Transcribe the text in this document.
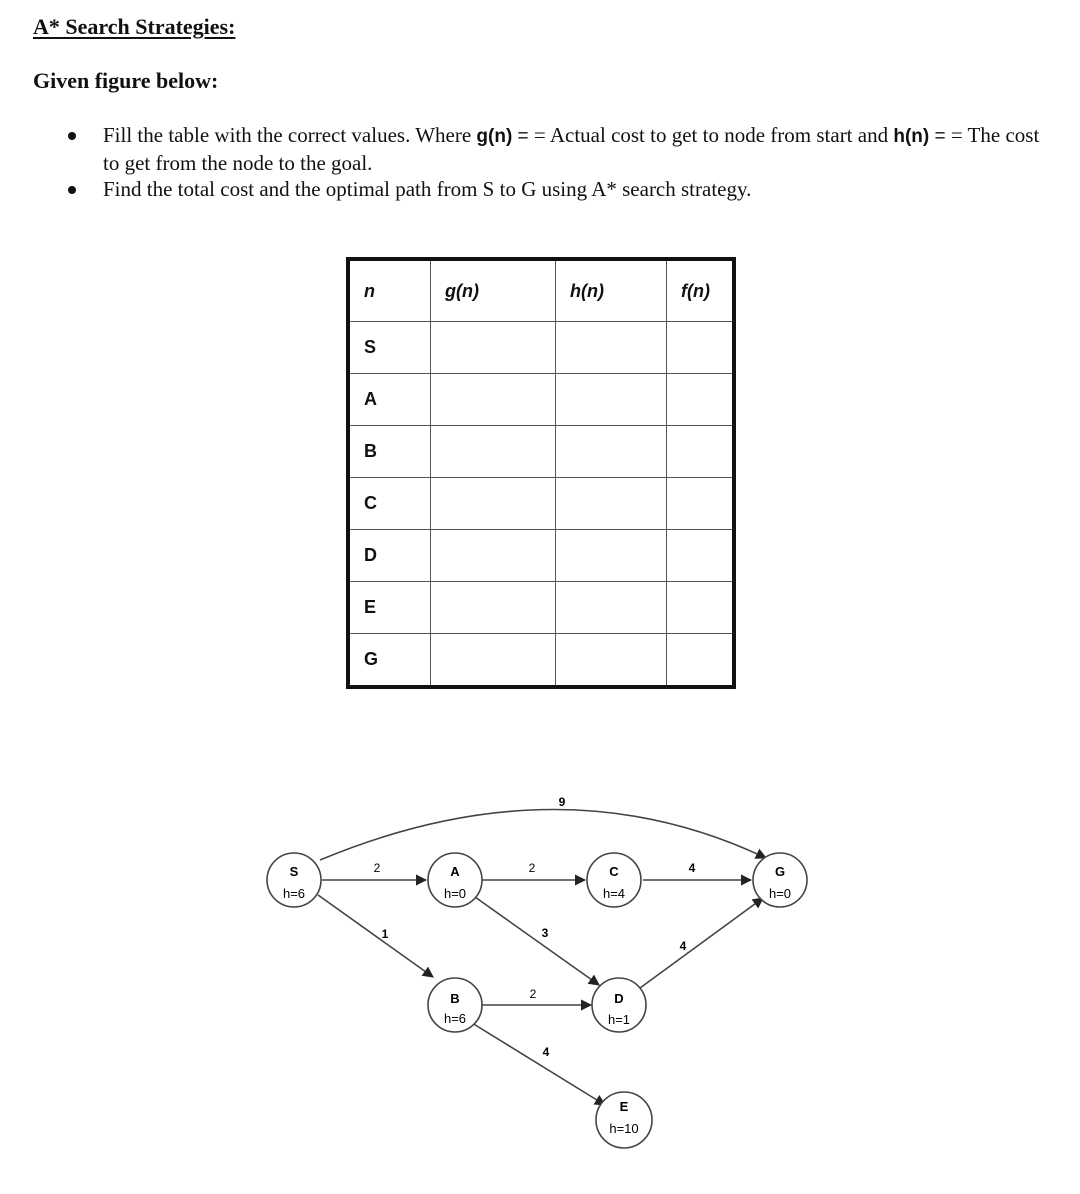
A* Search Strategies:
Given figure below:
Fill the table with the correct values. Where g(n) = = Actual cost to get to node from start and h(n) = = The cost to get from the node to the goal.
Find the total cost and the optimal path from S to G using A* search strategy.
n	g(n)	h(n)	f(n)
S			
A			
B			
C			
D			
E			
G			
9
2
1
2
3
2
4
4
4
S
h=6
A
h=0
C
h=4
G
h=0
B
h=6
D
h=1
E
h=10
